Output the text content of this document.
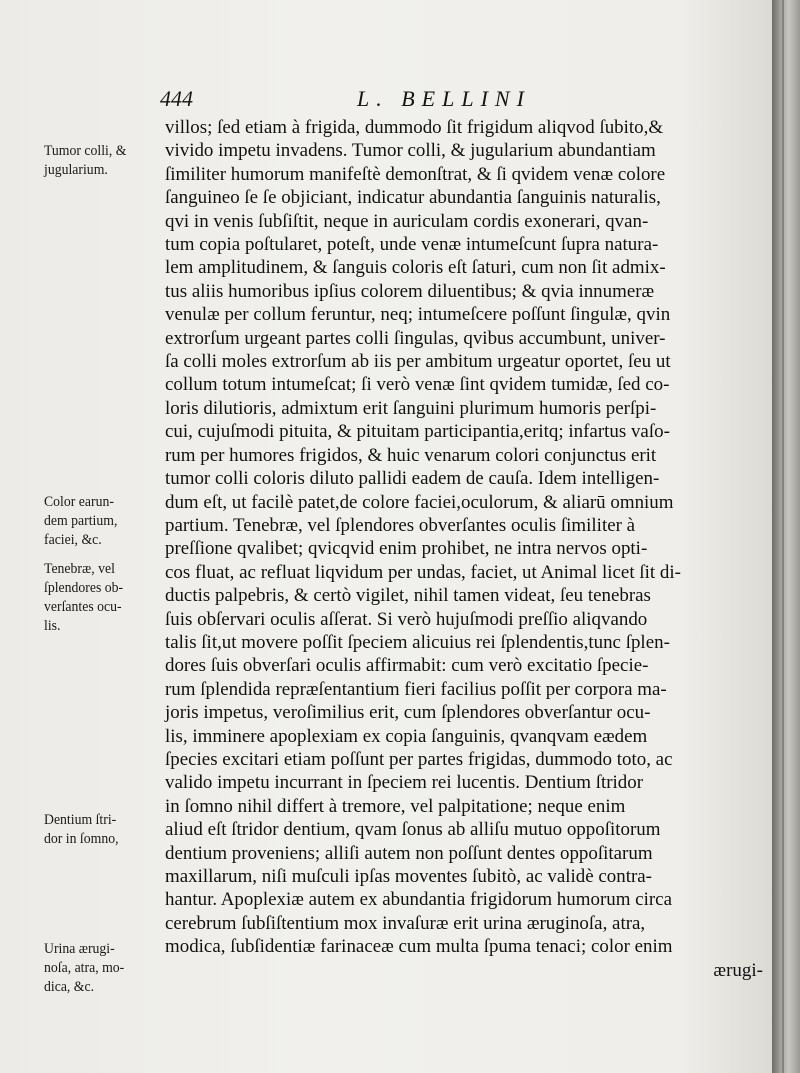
444	L. BELLINI
villos; ſed etiam à frigida, dummodo ſit frigidum aliqvod ſubito,&
vivido impetu invadens. Tumor colli, & jugularium abundantiam
ſimiliter humorum manifeſtè demonſtrat, & ſi qvidem venæ colore
ſanguineo ſe ſe objiciant, indicatur abundantia ſanguinis naturalis,
qvi in venis ſubſiſtit, neque in auriculam cordis exonerari, qvan-
tum copia poſtularet, poteſt, unde venæ intumeſcunt ſupra natura-
lem amplitudinem, & ſanguis coloris eſt ſaturi, cum non ſit admix-
tus aliis humoribus ipſius colorem diluentibus; & qvia innumeræ
venulæ per collum feruntur, neq; intumeſcere poſſunt ſingulæ, qvin
extrorſum urgeant partes colli ſingulas, qvibus accumbunt, univer-
ſa colli moles extrorſum ab iis per ambitum urgeatur oportet, ſeu ut
collum totum intumeſcat; ſi verò venæ ſint qvidem tumidæ, ſed co-
loris dilutioris, admixtum erit ſanguini plurimum humoris perſpi-
cui, cujuſmodi pituita, & pituitam participantia,eritq; infartus vaſo-
rum per humores frigidos, & huic venarum colori conjunctus erit
tumor colli coloris diluto pallidi eadem de cauſa. Idem intelligen-
dum eſt, ut facilè patet,de colore faciei,oculorum, & aliarū omnium
partium. Tenebræ, vel ſplendores obverſantes oculis ſimiliter à
preſſione qvalibet; qvicqvid enim prohibet, ne intra nervos opti-
cos fluat, ac refluat liqvidum per undas, faciet, ut Animal licet ſit di-
ductis palpebris, & certò vigilet, nihil tamen videat, ſeu tenebras
ſuis obſervari oculis aſſerat. Si verò hujuſmodi preſſio aliqvando
talis ſit,ut movere poſſit ſpeciem alicuius rei ſplendentis,tunc ſplen-
dores ſuis obverſari oculis affirmabit: cum verò excitatio ſpecie-
rum ſplendida repræſentantium fieri facilius poſſit per corpora ma-
joris impetus, veroſimilius erit, cum ſplendores obverſantur ocu-
lis, imminere apoplexiam ex copia ſanguinis, qvanqvam eædem
ſpecies excitari etiam poſſunt per partes frigidas, dummodo toto, ac
valido impetu incurrant in ſpeciem rei lucentis. Dentium ſtridor
in ſomno nihil differt à tremore, vel palpitatione; neque enim
aliud eſt ſtridor dentium, qvam ſonus ab alliſu mutuo oppoſitorum
dentium proveniens; alliſi autem non poſſunt dentes oppoſitarum
maxillarum, niſi muſculi ipſas moventes ſubitò, ac validè contra-
hantur. Apoplexiæ autem ex abundantia frigidorum humorum circa
cerebrum ſubſiſtentium mox invaſuræ erit urina æruginoſa, atra,
modica, ſubſidentiæ farinaceæ cum multa ſpuma tenaci; color enim
ærugi-
Tumor colli, &
jugularium.
Color earun-
dem partium,
faciei, &c.
Tenebræ, vel
ſplendores ob-
verſantes ocu-
lis.
Dentium ſtri-
dor in ſomno,
Urina ærugi-
noſa, atra, mo-
dica, &c.
